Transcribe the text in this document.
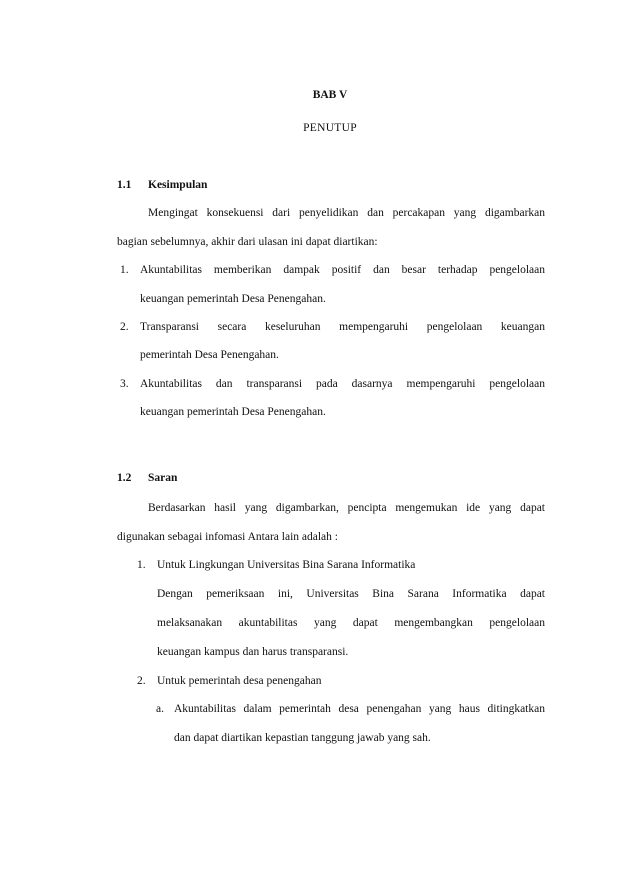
BAB V
PENUTUP
1.1 Kesimpulan
Mengingat konsekuensi dari penyelidikan dan percakapan yang digambarkan
bagian sebelumnya, akhir dari ulasan ini dapat diartikan:
1. Akuntabilitas memberikan dampak positif dan besar terhadap pengelolaan
keuangan pemerintah Desa Penengahan.
2. Transparansi secara keseluruhan mempengaruhi pengelolaan keuangan
pemerintah Desa Penengahan.
3. Akuntabilitas dan transparansi pada dasarnya mempengaruhi pengelolaan
keuangan pemerintah Desa Penengahan.
1.2 Saran
Berdasarkan hasil yang digambarkan, pencipta mengemukan ide yang dapat
digunakan sebagai infomasi Antara lain adalah :
1. Untuk Lingkungan Universitas Bina Sarana Informatika
Dengan pemeriksaan ini, Universitas Bina Sarana Informatika dapat
melaksanakan akuntabilitas yang dapat mengembangkan pengelolaan
keuangan kampus dan harus transparansi.
2. Untuk pemerintah desa penengahan
a. Akuntabilitas dalam pemerintah desa penengahan yang haus ditingkatkan
dan dapat diartikan kepastian tanggung jawab yang sah.
